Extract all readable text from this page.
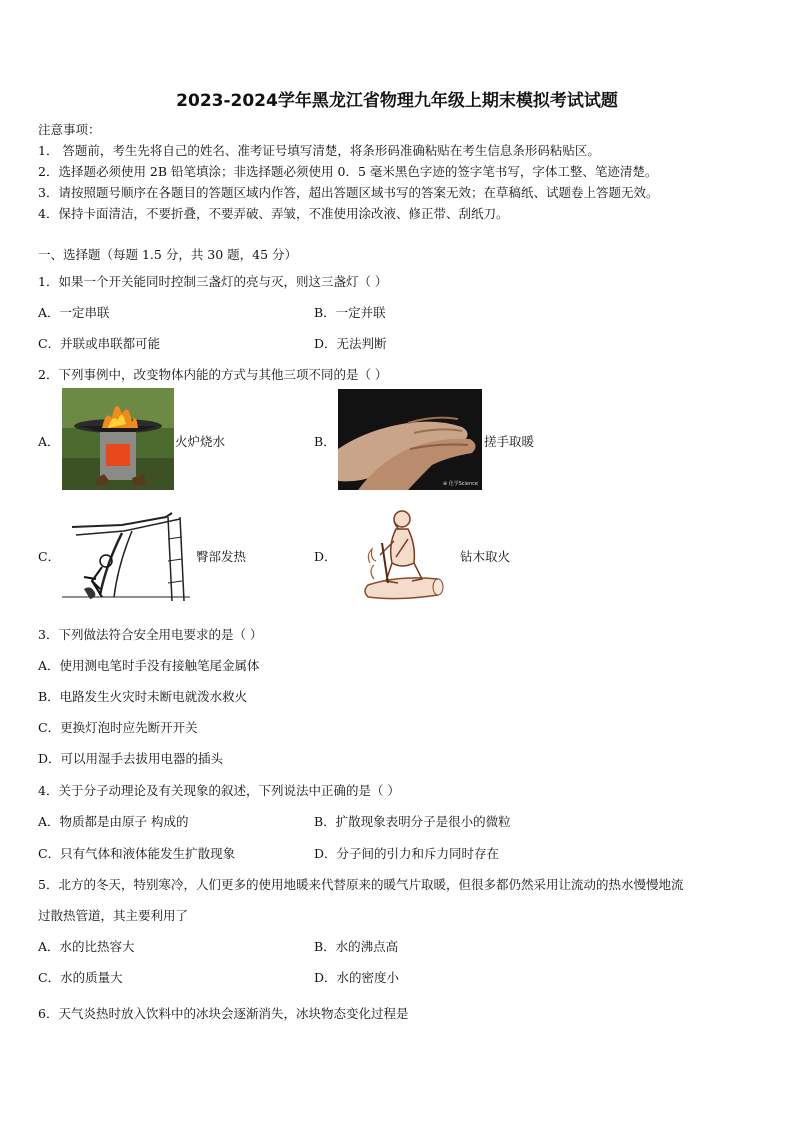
2023-2024学年黑龙江省物理九年级上期末模拟考试试题
注意事项：
1． 答题前，考生先将自己的姓名、准考证号填写清楚，将条形码准确粘贴在考生信息条形码粘贴区。
2．选择题必须使用 2B 铅笔填涂；非选择题必须使用 0．5 毫米黑色字迹的签字笔书写，字体工整、笔迹清楚。
3．请按照题号顺序在各题目的答题区域内作答，超出答题区域书写的答案无效；在草稿纸、试题卷上答题无效。
4．保持卡面清洁，不要折叠，不要弄破、弄皱，不准使用涂改液、修正带、刮纸刀。
一、选择题（每题 1.5 分，共 30 题，45 分）
1．如果一个开关能同时控制三盏灯的亮与灭，则这三盏灯（ ）
A．一定串联	B．一定并联
C．并联或串联都可能	D．无法判断
2．下列事例中，改变物体内能的方式与其他三项不同的是（ ）
A．	火炉烧水	B．
⊕ 化学Science
搓手取暖
C．	臀部发热	D．	钻木取火
3．下列做法符合安全用电要求的是（ ）
A．使用测电笔时手没有接触笔尾金属体
B．电路发生火灾时未断电就泼水救火
C．更换灯泡时应先断开开关
D．可以用湿手去拔用电器的插头
4．关于分子动理论及有关现象的叙述，下列说法中正确的是（ ）
A．物质都是由原子 构成的	B．扩散现象表明分子是很小的微粒
C．只有气体和液体能发生扩散现象	D．分子间的引力和斥力同时存在
5．北方的冬天，特别寒冷，人们更多的使用地暖来代替原来的暖气片取暖，但很多都仍然采用让流动的热水慢慢地流
过散热管道，其主要利用了
A．水的比热容大	B．水的沸点高
C．水的质量大	D．水的密度小
6．天气炎热时放入饮料中的冰块会逐渐消失，冰块物态变化过程是
